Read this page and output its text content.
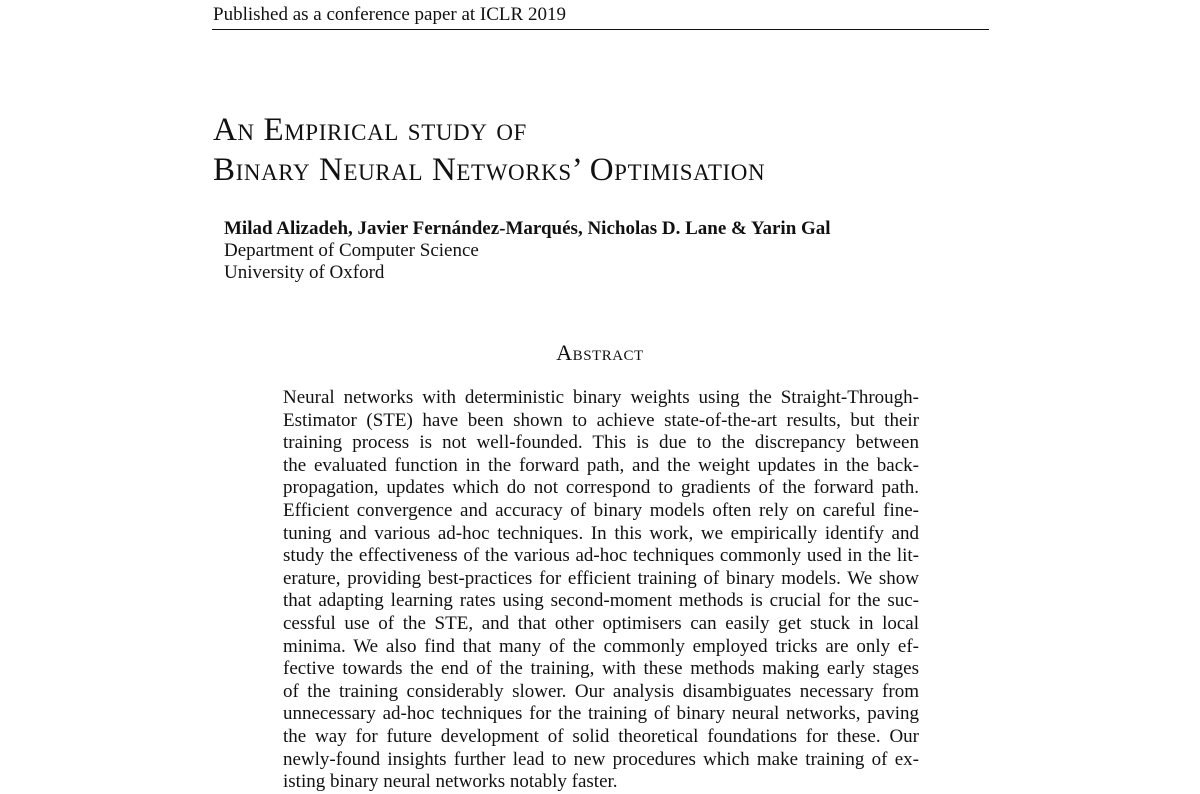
Published as a conference paper at ICLR 2019
An Empirical study of
Binary Neural Networks’ Optimisation
Milad Alizadeh, Javier Fernández-Marqués, Nicholas D. Lane & Yarin Gal
Department of Computer Science
University of Oxford
Abstract
Neural networks with deterministic binary weights using the Straight-Through-
Estimator (STE) have been shown to achieve state-of-the-art results, but their
training process is not well-founded. This is due to the discrepancy between
the evaluated function in the forward path, and the weight updates in the back-
propagation, updates which do not correspond to gradients of the forward path.
Efficient convergence and accuracy of binary models often rely on careful fine-
tuning and various ad-hoc techniques. In this work, we empirically identify and
study the effectiveness of the various ad-hoc techniques commonly used in the lit-
erature, providing best-practices for efficient training of binary models. We show
that adapting learning rates using second-moment methods is crucial for the suc-
cessful use of the STE, and that other optimisers can easily get stuck in local
minima. We also find that many of the commonly employed tricks are only ef-
fective towards the end of the training, with these methods making early stages
of the training considerably slower. Our analysis disambiguates necessary from
unnecessary ad-hoc techniques for the training of binary neural networks, paving
the way for future development of solid theoretical foundations for these. Our
newly-found insights further lead to new procedures which make training of ex-
isting binary neural networks notably faster.
